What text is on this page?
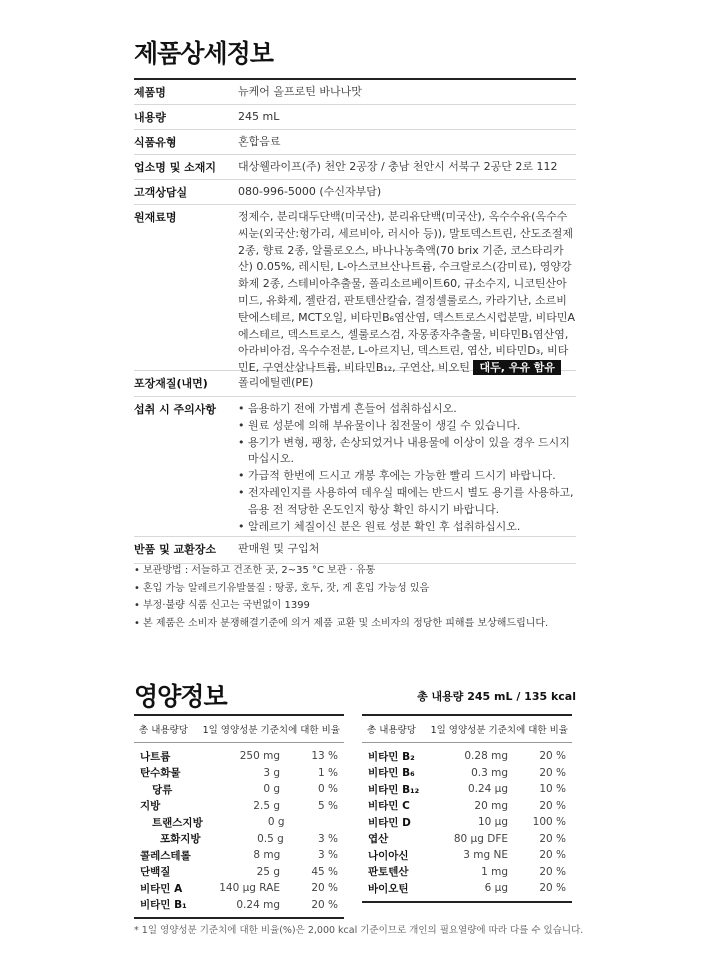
제품상세정보
제품명	뉴케어 올프로틴 바나나맛
내용량	245 mL
식품유형	혼합음료
업소명 및 소재지	대상웰라이프(주) 천안 2공장 / 충남 천안시 서북구 2공단 2로 112
고객상담실	080-996-5000 (수신자부담)
원재료명	정제수, 분리대두단백(미국산), 분리유단백(미국산), 옥수수유(옥수수씨눈(외국산:헝가리, 세르비아, 러시아 등)), 말토덱스트린, 산도조절제 2종, 향료 2종, 알룰로오스, 바나나농축액(70 brix 기준, 코스타리카산) 0.05%, 레시틴, L-아스코브산나트륨, 수크랄로스(감미료), 영양강화제 2종, 스테비아추출물, 폴리소르베이트60, 규소수지, 니코틴산아미드, 유화제, 젤란검, 판토텐산칼슘, 결정셀룰로스, 카라기난, 소르비탄에스테르, MCT오일, 비타민B₆염산염, 덱스트로스시럽분말, 비타민A에스테르, 덱스트로스, 셀룰로스검, 자몽종자추출물, 비타민B₁염산염, 아라비아검, 옥수수전분, L-아르지닌, 덱스트린, 엽산, 비타민D₃, 비타민E, 구연산삼나트륨, 비타민B₁₂, 구연산, 비오틴 대두, 우유 함유
포장재질(내면)	폴리에틸렌(PE)
섭취 시 주의사항
•	음용하기 전에 가볍게 흔들어 섭취하십시오.
• 원료 성분에 의해 부유물이나 침전물이 생길 수 있습니다.
• 용기가 변형, 팽창, 손상되었거나 내용물에 이상이 있을 경우 드시지 마십시오.
• 가급적 한번에 드시고 개봉 후에는 가능한 빨리 드시기 바랍니다.
• 전자레인지를 사용하여 데우실 때에는 반드시 별도 용기를 사용하고, 음용 전 적당한 온도인지 항상 확인 하시기 바랍니다.
• 알레르기 체질이신 분은 원료 성분 확인 후 섭취하십시오.
반품 및 교환장소	판매원 및 구입처
• 보관방법 : 서늘하고 건조한 곳, 2~35 °C 보관 · 유통
• 혼입 가능 알레르기유발물질 : 땅콩, 호두, 잣, 게 혼입 가능성 있음
• 부정·불량 식품 신고는 국번없이 1399
• 본 제품은 소비자 분쟁해결기준에 의거 제품 교환 및 소비자의 정당한 피해를 보상해드립니다.
영양정보	총 내용량 245 mL / 135 kcal
총 내용량당 1일 영양성분 기준치에 대한 비율
나트륨	250 mg	13 %
탄수화물	3 g	1 %
당류	0 g	0 %
지방	2.5 g	5 %
트랜스지방	0 g
포화지방	0.5 g	3 %
콜레스테롤	8 mg	3 %
단백질	25 g	45 %
비타민 A	140 µg RAE	20 %
비타민 B₁	0.24 mg	20 %
총 내용량당 1일 영양성분 기준치에 대한 비율
비타민 B₂	0.28 mg	20 %
비타민 B₆	0.3 mg	20 %
비타민 B₁₂	0.24 µg	10 %
비타민 C	20 mg	20 %
비타민 D	10 µg	100 %
엽산	80 µg DFE	20 %
나이아신	3 mg NE	20 %
판토텐산	1 mg	20 %
바이오틴	6 µg	20 %
* 1일 영양성분 기준치에 대한 비율(%)은 2,000 kcal 기준이므로 개인의 필요열량에 따라 다를 수 있습니다.
